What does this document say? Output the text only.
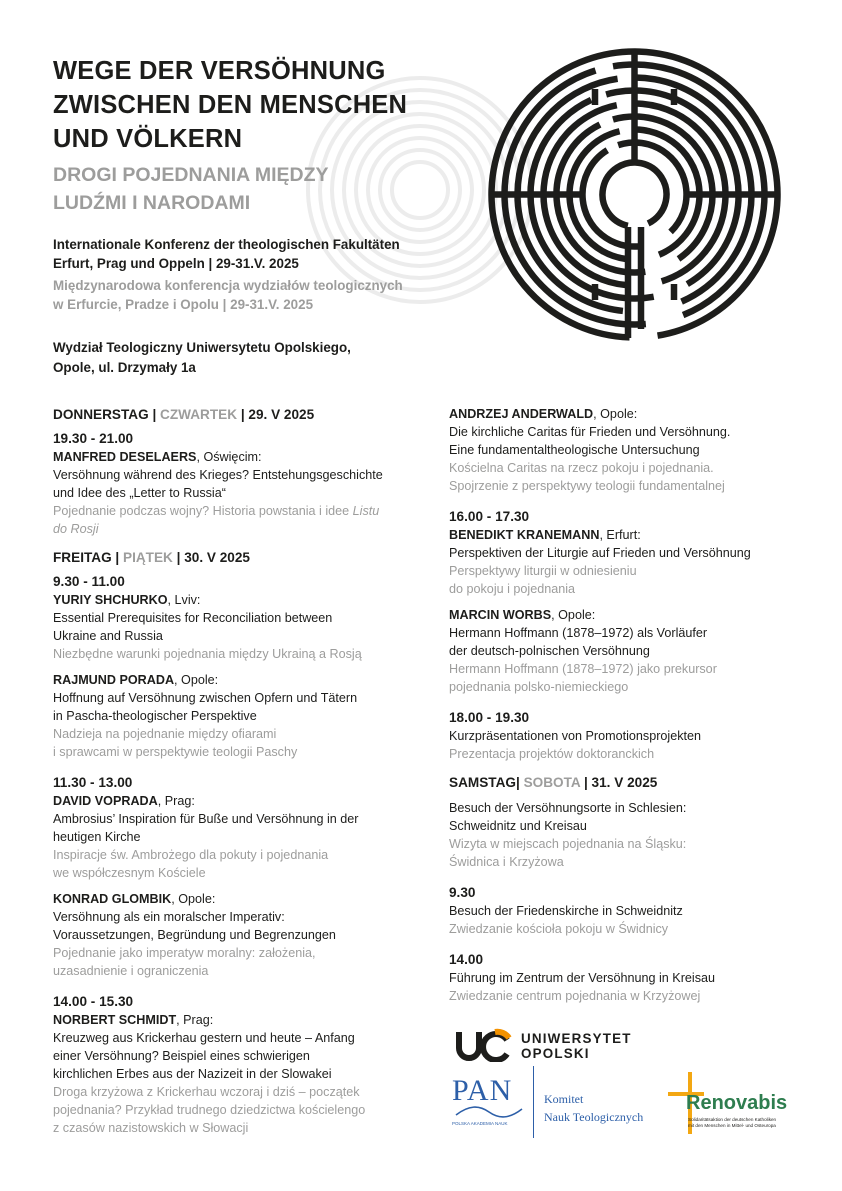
WEGE DER VERSÖHNUNG
ZWISCHEN DEN MENSCHEN
UND VÖLKERN
DROGI POJEDNANIA MIĘDZY
LUDŹMI I NARODAMI
Internationale Konferenz der theologischen Fakultäten
Erfurt, Prag und Oppeln | 29-31.V. 2025
Międzynarodowa konferencja wydziałów teologicznych
w Erfurcie, Pradze i Opolu | 29-31.V. 2025
Wydział Teologiczny Uniwersytetu Opolskiego,
Opole, ul. Drzymały 1a
DONNERSTAG | CZWARTEK | 29. V 2025
19.30 - 21.00
MANFRED DESELAERS, Oświęcim:
Versöhnung während des Krieges? Entstehungsgeschichte
und Idee des „Letter to Russia“
Pojednanie podczas wojny? Historia powstania i idee Listu
do Rosji
FREITAG | PIĄTEK | 30. V 2025
9.30 - 11.00
YURIY SHCHURKO, Lviv:
Essential Prerequisites for Reconciliation between
Ukraine and Russia
Niezbędne warunki pojednania między Ukrainą a Rosją
RAJMUND PORADA, Opole:
Hoffnung auf Versöhnung zwischen Opfern und Tätern
in Pascha-theologischer Perspektive
Nadzieja na pojednanie między ofiarami
i sprawcami w perspektywie teologii Paschy
11.30 - 13.00
DAVID VOPRADA, Prag:
Ambrosius’ Inspiration für Buße und Versöhnung in der
heutigen Kirche
Inspiracje św. Ambrożego dla pokuty i pojednania
we współczesnym Kościele
KONRAD GLOMBIK, Opole:
Versöhnung als ein moralscher Imperativ:
Voraussetzungen, Begründung und Begrenzungen
Pojednanie jako imperatyw moralny: założenia,
uzasadnienie i ograniczenia
14.00 - 15.30
NORBERT SCHMIDT, Prag:
Kreuzweg aus Krickerhau gestern und heute – Anfang
einer Versöhnung? Beispiel eines schwierigen
kirchlichen Erbes aus der Nazizeit in der Slowakei
Droga krzyżowa z Krickerhau wczoraj i dziś – początek
pojednania? Przykład trudnego dziedzictwa kościelengo
z czasów nazistowskich w Słowacji
ANDRZEJ ANDERWALD, Opole:
Die kirchliche Caritas für Frieden und Versöhnung.
Eine fundamentaltheologische Untersuchung
Kościelna Caritas na rzecz pokoju i pojednania.
Spojrzenie z perspektywy teologii fundamentalnej
16.00 - 17.30
BENEDIKT KRANEMANN, Erfurt:
Perspektiven der Liturgie auf Frieden und Versöhnung
Perspektywy liturgii w odniesieniu
do pokoju i pojednania
MARCIN WORBS, Opole:
Hermann Hoffmann (1878–1972) als Vorläufer
der deutsch-polnischen Versöhnung
Hermann Hoffmann (1878–1972) jako prekursor
pojednania polsko-niemieckiego
18.00 - 19.30
Kurzpräsentationen von Promotionsprojekten
Prezentacja projektów doktoranckich
SAMSTAG| SOBOTA | 31. V 2025
Besuch der Versöhnungsorte in Schlesien:
Schweidnitz und Kreisau
Wizyta w miejscach pojednania na Śląsku:
Świdnica i Krzyżowa
9.30
Besuch der Friedenskirche in Schweidnitz
Zwiedzanie kościoła pokoju w Świdnicy
14.00
Führung im Zentrum der Versöhnung in Kreisau
Zwiedzanie centrum pojednania w Krzyżowej
UNIWERSYTET
OPOLSKI
PAN
POLSKA AKADEMIA NAUK
Komitet
Nauk Teologicznych
Renovabis
Solidaritätsaktion der deutschen Katholiken
mit den Menschen in Mittel- und Osteuropa
